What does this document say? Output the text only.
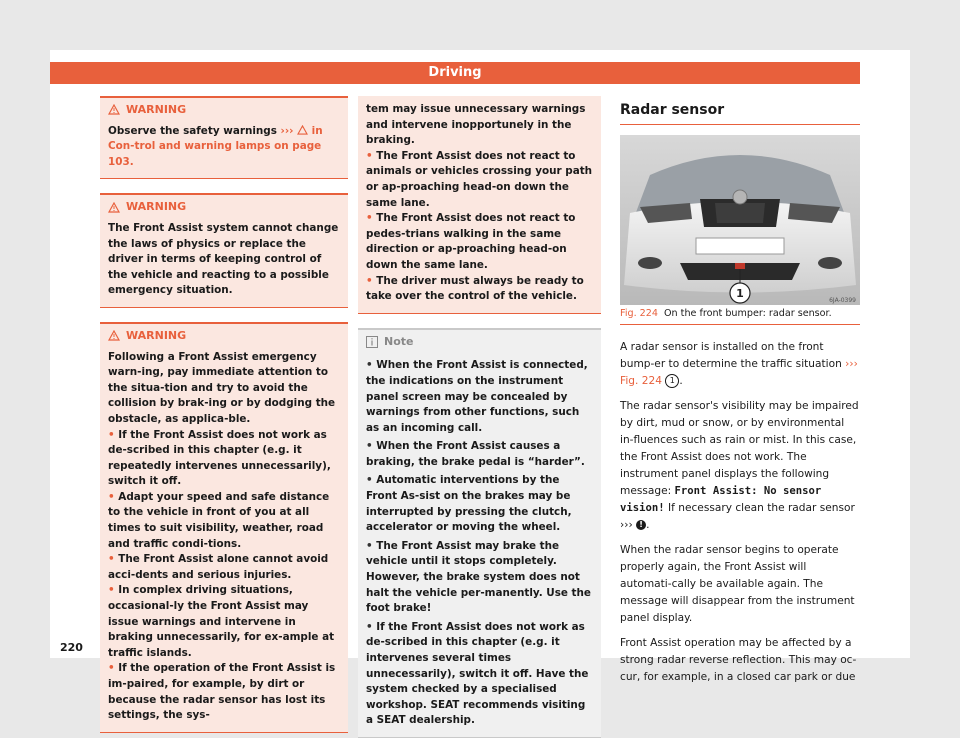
Driving
WARNING

Observe the safety warnings ›››  in Con-trol and warning lamps on page 103.

WARNING

The Front Assist system cannot change the laws of physics or replace the driver in terms of keeping control of the vehicle and reacting to a possible emergency situation.

WARNING

Following a Front Assist emergency warn-ing, pay immediate attention to the situa-tion and try to avoid the collision by brak-ing or by dodging the obstacle, as applica-ble.

• If the Front Assist does not work as de-scribed in this chapter (e.g. it repeatedly intervenes unnecessarily), switch it off.

• Adapt your speed and safe distance to the vehicle in front of you at all times to suit visibility, weather, road and traffic condi-tions.

• The Front Assist alone cannot avoid acci-dents and serious injuries.

• In complex driving situations, occasional-ly the Front Assist may issue warnings and intervene in braking unnecessarily, for ex-ample at traffic islands.

• If the operation of the Front Assist is im-paired, for example, by dirt or because the radar sensor has lost its settings, the sys-

tem may issue unnecessary warnings and intervene inopportunely in the braking.

• The Front Assist does not react to animals or vehicles crossing your path or ap-proaching head-on down the same lane.

• The Front Assist does not react to pedes-trians walking in the same direction or ap-proaching head-on down the same lane.

• The driver must always be ready to take over the control of the vehicle.

Note

• When the Front Assist is connected, the indications on the instrument panel screen may be concealed by warnings from other functions, such as an incoming call.

• When the Front Assist causes a braking, the brake pedal is “harder”.

• Automatic interventions by the Front As-sist on the brakes may be interrupted by pressing the clutch, accelerator or moving the wheel.

• The Front Assist may brake the vehicle until it stops completely. However, the brake system does not halt the vehicle per-manently. Use the foot brake!

• If the Front Assist does not work as de-scribed in this chapter (e.g. it intervenes several times unnecessarily), switch it off. Have the system checked by a specialised workshop. SEAT recommends visiting a SEAT dealership.

Radar sensor
1
6JA-0399
Fig. 224 On the front bumper: radar sensor.

A radar sensor is installed on the front bump-er to determine the traffic situation ››› Fig. 224 1 .

The radar sensor's visibility may be impaired by dirt, mud or snow, or by environmental in-fluences such as rain or mist. In this case, the Front Assist does not work. The instrument panel displays the following message: Front Assist: No sensor vision! If necessary clean the radar sensor ››› ! .

When the radar sensor begins to operate properly again, the Front Assist will automati-cally be available again. The message will disappear from the instrument panel display.

Front Assist operation may be affected by a strong radar reverse reflection. This may oc-cur, for example, in a closed car park or due

220
